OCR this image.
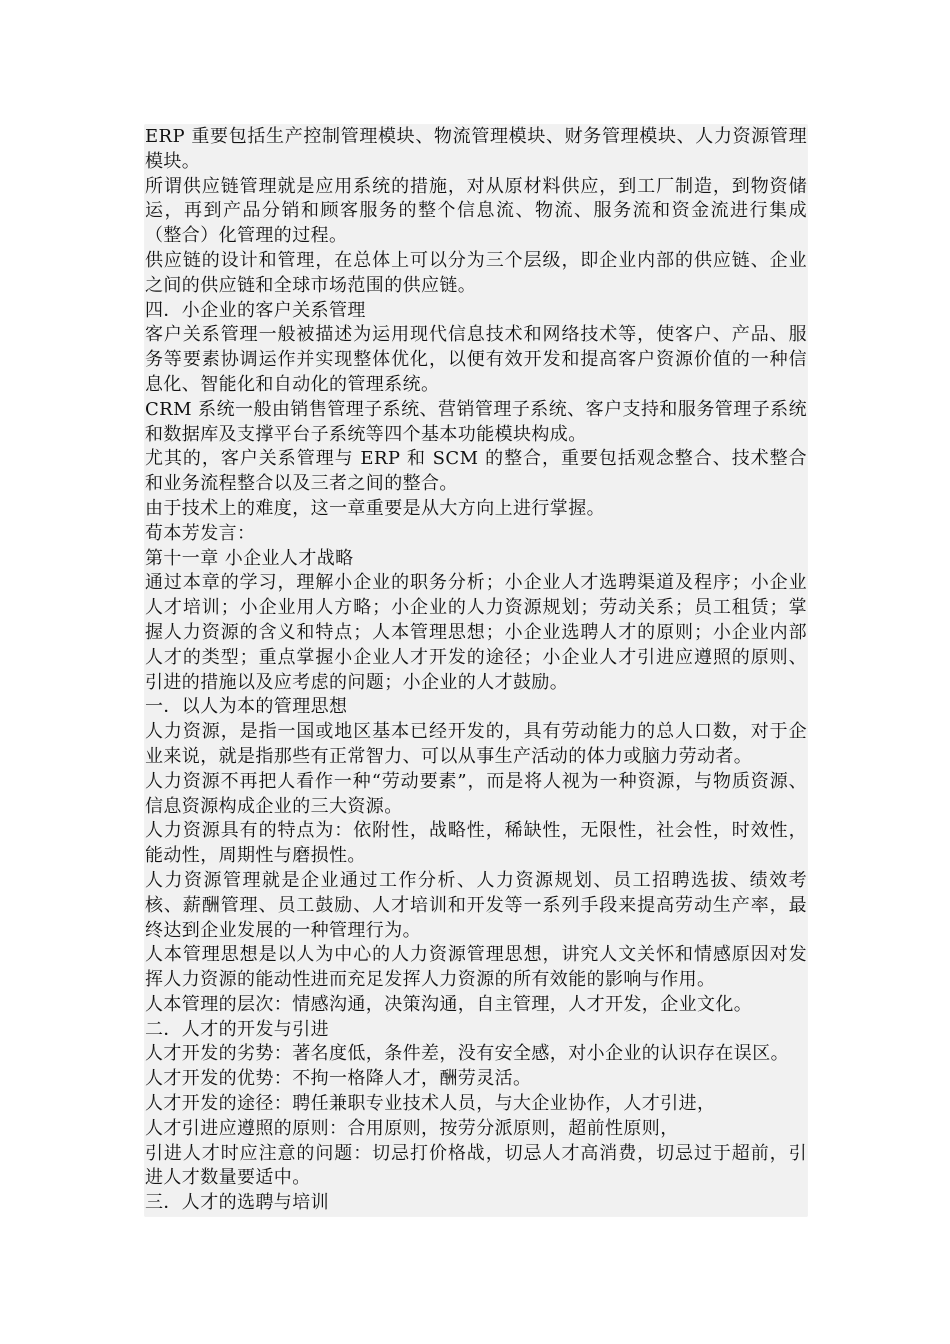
ERP 重要包括生产控制管理模块、物流管理模块、财务管理模块、人力资源管理模块。

所谓供应链管理就是应用系统的措施，对从原材料供应，到工厂制造，到物资储运，再到产品分销和顾客服务的整个信息流、物流、服务流和资金流进行集成（整合）化管理的过程。

供应链的设计和管理，在总体上可以分为三个层级，即企业内部的供应链、企业之间的供应链和全球市场范围的供应链。

四．小企业的客户关系管理

客户关系管理一般被描述为运用现代信息技术和网络技术等，使客户、产品、服务等要素协调运作并实现整体优化，以便有效开发和提高客户资源价值的一种信息化、智能化和自动化的管理系统。

CRM 系统一般由销售管理子系统、营销管理子系统、客户支持和服务管理子系统和数据库及支撑平台子系统等四个基本功能模块构成。

尤其的，客户关系管理与 ERP 和 SCM 的整合，重要包括观念整合、技术整合和业务流程整合以及三者之间的整合。

由于技术上的难度，这一章重要是从大方向上进行掌握。

荀本芳发言：

第十一章 小企业人才战略

通过本章的学习，理解小企业的职务分析；小企业人才选聘渠道及程序；小企业人才培训；小企业用人方略；小企业的人力资源规划；劳动关系；员工租赁；掌握人力资源的含义和特点；人本管理思想；小企业选聘人才的原则；小企业内部人才的类型；重点掌握小企业人才开发的途径；小企业人才引进应遵照的原则、引进的措施以及应考虑的问题；小企业的人才鼓励。

一．以人为本的管理思想

人力资源，是指一国或地区基本已经开发的，具有劳动能力的总人口数，对于企业来说，就是指那些有正常智力、可以从事生产活动的体力或脑力劳动者。

人力资源不再把人看作一种“劳动要素”，而是将人视为一种资源，与物质资源、信息资源构成企业的三大资源。

人力资源具有的特点为：依附性，战略性，稀缺性，无限性，社会性，时效性，能动性，周期性与磨损性。

人力资源管理就是企业通过工作分析、人力资源规划、员工招聘选拔、绩效考核、薪酬管理、员工鼓励、人才培训和开发等一系列手段来提高劳动生产率，最终达到企业发展的一种管理行为。

人本管理思想是以人为中心的人力资源管理思想，讲究人文关怀和情感原因对发挥人力资源的能动性进而充足发挥人力资源的所有效能的影响与作用。

人本管理的层次：情感沟通，决策沟通，自主管理，人才开发，企业文化。

二．人才的开发与引进

人才开发的劣势：著名度低，条件差，没有安全感，对小企业的认识存在误区。

人才开发的优势：不拘一格降人才，酬劳灵活。

人才开发的途径：聘任兼职专业技术人员，与大企业协作，人才引进，

人才引进应遵照的原则：合用原则，按劳分派原则，超前性原则，

引进人才时应注意的问题：切忌打价格战，切忌人才高消费，切忌过于超前，引进人才数量要适中。

三．人才的选聘与培训
